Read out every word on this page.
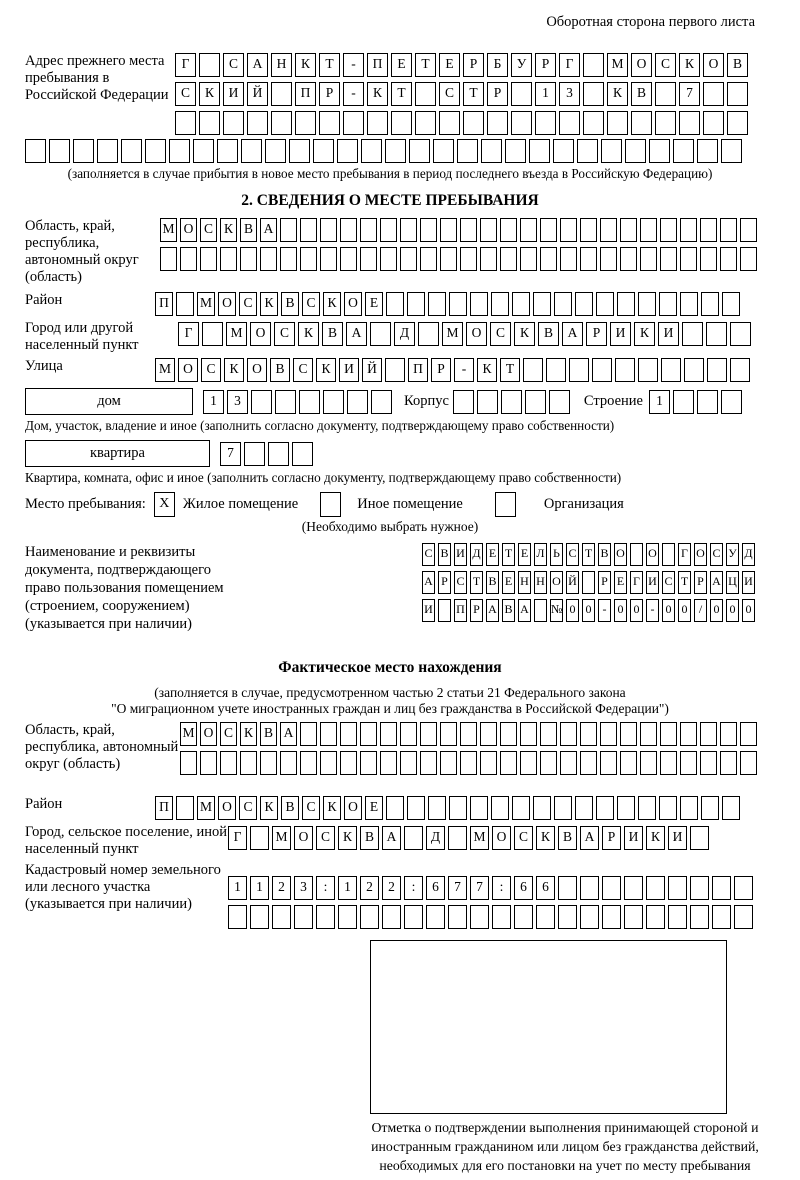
Оборотная сторона первого листа
Адрес прежнего места пребывания в Российской Федерации
Г	С	А	Н	К	Т	-	П	Е	Т	Е	Р	Б	У	Р	Г	М О	С	К	О	В
С	К	И	Й	П	Р	-	К	Т	С	Т	Р	1	3	К	В	7
(заполняется в случае прибытия в новое место пребывания в период последнего въезда в Российскую Федерацию)
2. СВЕДЕНИЯ О МЕСТЕ ПРЕБЫВАНИЯ
Область, край, республика, автономный округ (область)
М О С К В А
Район	П	М О С К В С К О Е
Город или другой населенный пункт
Г	М О	С	К	В	А	Д	М О	С	К	В	А	Р	И	К	И
Улица	М О	С	К	О	В	С	К	И Й	П	Р	-	К	Т
дом	1	3	Корпус	Строение 1
Дом, участок, владение и иное (заполнить согласно документу, подтверждающему право собственности)
квартира	7
Квартира, комната, офис и иное (заполнить согласно документу, подтверждающему право собственности)
Место пребывания: X Жилое помещение	Иное помещение	Организация
(Необходимо выбрать нужное)
Наименование и реквизиты документа, подтверждающего право пользования помещением (строением, сооружением) (указывается при наличии)
С В И Д Е Т Е Л Ь С Т В О О Г О С У Д
А Р С Т В Е Н Н О Й Р Е Г И С Т Р А Ц И
И П Р А В А № 0 0 - 0 0 - 0 0 / 0 0 0
Фактическое место нахождения
(заполняется в случае, предусмотренном частью 2 статьи 21 Федерального закона
"О миграционном учете иностранных граждан и лиц без гражданства в Российской Федерации")
Область, край, республика, автономный округ (область)
М О С К В А
Район	П	М О С К В С К О Е
Город, сельское поселение, иной населенный пункт
Г	М О С К В А	Д	М О С К В А Р И К И
Кадастровый номер земельного или лесного участка (указывается при наличии)
1	1	2	3	:	1	2	2	:	6	7	7	:	6	6
Отметка о подтверждении выполнения принимающей стороной и иностранным гражданином или лицом без гражданства действий, необходимых для его постановки на учет по месту пребывания
